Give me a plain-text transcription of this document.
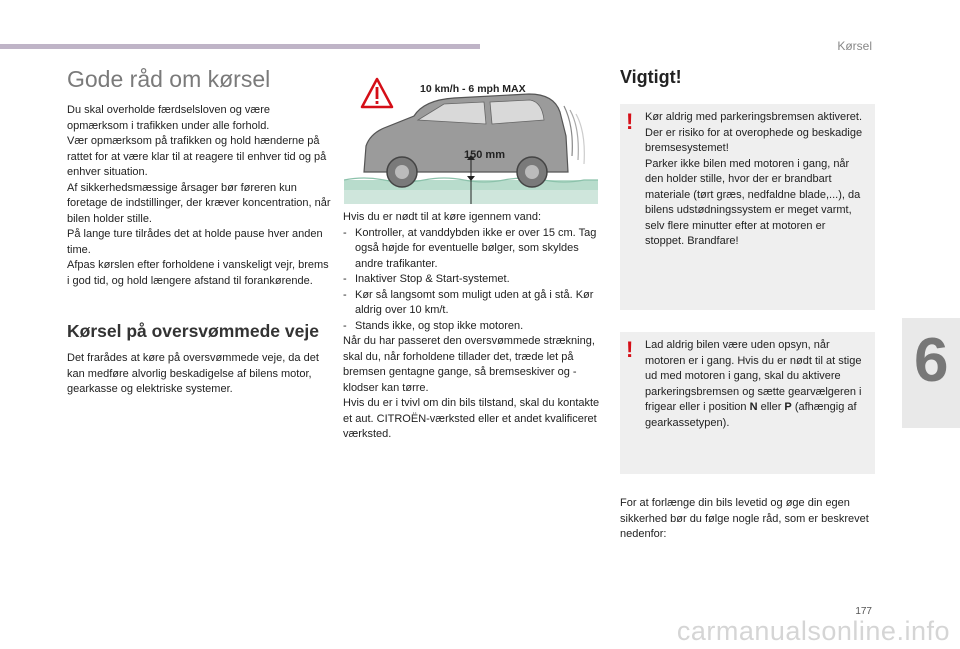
Kørsel
Gode råd om kørsel

Du skal overholde færdselsloven og være opmærksom i trafikken under alle forhold.

Vær opmærksom på trafikken og hold hænderne på rattet for at være klar til at reagere til enhver tid og på enhver situation.

Af sikkerhedsmæssige årsager bør føreren kun foretage de indstillinger, der kræver koncentration, når bilen holder stille.

På lange ture tilrådes det at holde pause hver anden time.

Afpas kørslen efter forholdene i vanskeligt vejr, brems i god tid, og hold længere afstand til forankørende.

Kørsel på oversvømmede veje

Det frarådes at køre på oversvømmede veje, da det kan medføre alvorlig beskadigelse af bilens motor, gearkasse og elektriske systemer.

10 km/h - 6 mph MAX
150 mm

Hvis du er nødt til at køre igennem vand:

- Kontroller, at vanddybden ikke er over 15 cm. Tag også højde for eventuelle bølger, som skyldes andre trafikanter.
- Inaktiver Stop & Start-systemet.
- Kør så langsomt som muligt uden at gå i stå. Kør aldrig over 10 km/t.
- Stands ikke, og stop ikke motoren.

Når du har passeret den oversvømmede strækning, skal du, når forholdene tillader det, træde let på bremsen gentagne gange, så bremseskiver og -klodser kan tørre.

Hvis du er i tvivl om din bils tilstand, skal du kontakte et aut. CITROËN-værksted eller et andet kvalificeret værksted.

Vigtigt!
! Kør aldrig med parkeringsbremsen aktiveret. Der er risiko for at overophede og beskadige bremsesystemet!

Parker ikke bilen med motoren i gang, når den holder stille, hvor der er brandbart materiale (tørt græs, nedfaldne blade,...), da bilens udstødningssystem er meget varmt, selv flere minutter efter at motoren er stoppet. Brandfare!

! Lad aldrig bilen være uden opsyn, når motoren er i gang. Hvis du er nødt til at stige ud med motoren i gang, skal du aktivere parkeringsbremsen og sætte gearvælgeren i frigear eller i position N eller P (afhængig af gearkassetypen).

For at forlænge din bils levetid og øge din egen sikkerhed bør du følge nogle råd, som er beskrevet nedenfor:

6
177
carmanualsonline.info
